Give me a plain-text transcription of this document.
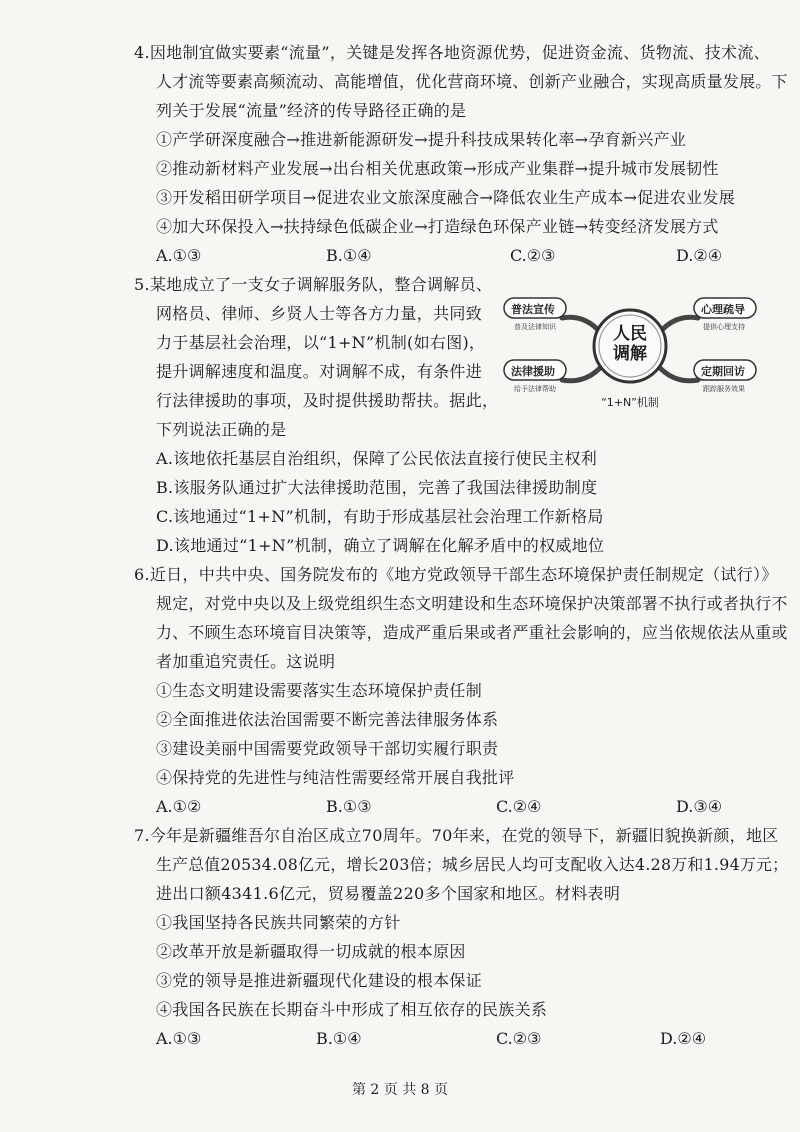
4.因地制宜做实要素“流量”，关键是发挥各地资源优势，促进资金流、货物流、技术流、
人才流等要素高频流动、高能增值，优化营商环境、创新产业融合，实现高质量发展。下
列关于发展“流量”经济的传导路径正确的是
①产学研深度融合→推进新能源研发→提升科技成果转化率→孕育新兴产业
②推动新材料产业发展→出台相关优惠政策→形成产业集群→提升城市发展韧性
③开发稻田研学项目→促进农业文旅深度融合→降低农业生产成本→促进农业发展
④加大环保投入→扶持绿色低碳企业→打造绿色环保产业链→转变经济发展方式
A.①③	B.①④	C.②③	D.②④
5.某地成立了一支女子调解服务队，整合调解员、
网格员、律师、乡贤人士等各方力量，共同致
力于基层社会治理，以“1+N”机制(如右图)，
提升调解速度和温度。对调解不成，有条件进
行法律援助的事项，及时提供援助帮扶。据此，
下列说法正确的是
A.该地依托基层自治组织，保障了公民依法直接行使民主权利
B.该服务队通过扩大法律援助范围，完善了我国法律援助制度
C.该地通过“1+N”机制，有助于形成基层社会治理工作新格局
D.该地通过“1+N”机制，确立了调解在化解矛盾中的权威地位
人民
调解
普法宣传
普及法律知识
心理疏导
提供心理支持
法律援助
给予法律帮助
定期回访
跟踪服务效果
“1+N”机制
6.近日，中共中央、国务院发布的《地方党政领导干部生态环境保护责任制规定（试行）》
规定，对党中央以及上级党组织生态文明建设和生态环境保护决策部署不执行或者执行不
力、不顾生态环境盲目决策等，造成严重后果或者严重社会影响的，应当依规依法从重或
者加重追究责任。这说明
①生态文明建设需要落实生态环境保护责任制
②全面推进依法治国需要不断完善法律服务体系
③建设美丽中国需要党政领导干部切实履行职责
④保持党的先进性与纯洁性需要经常开展自我批评
A.①②	B.①③	C.②④	D.③④
7.今年是新疆维吾尔自治区成立70周年。70年来，在党的领导下，新疆旧貌换新颜，地区
生产总值20534.08亿元，增长203倍；城乡居民人均可支配收入达4.28万和1.94万元；
进出口额4341.6亿元，贸易覆盖220多个国家和地区。材料表明
①我国坚持各民族共同繁荣的方针
②改革开放是新疆取得一切成就的根本原因
③党的领导是推进新疆现代化建设的根本保证
④我国各民族在长期奋斗中形成了相互依存的民族关系
A.①③	B.①④	C.②③	D.②④
第 2 页 共 8 页
